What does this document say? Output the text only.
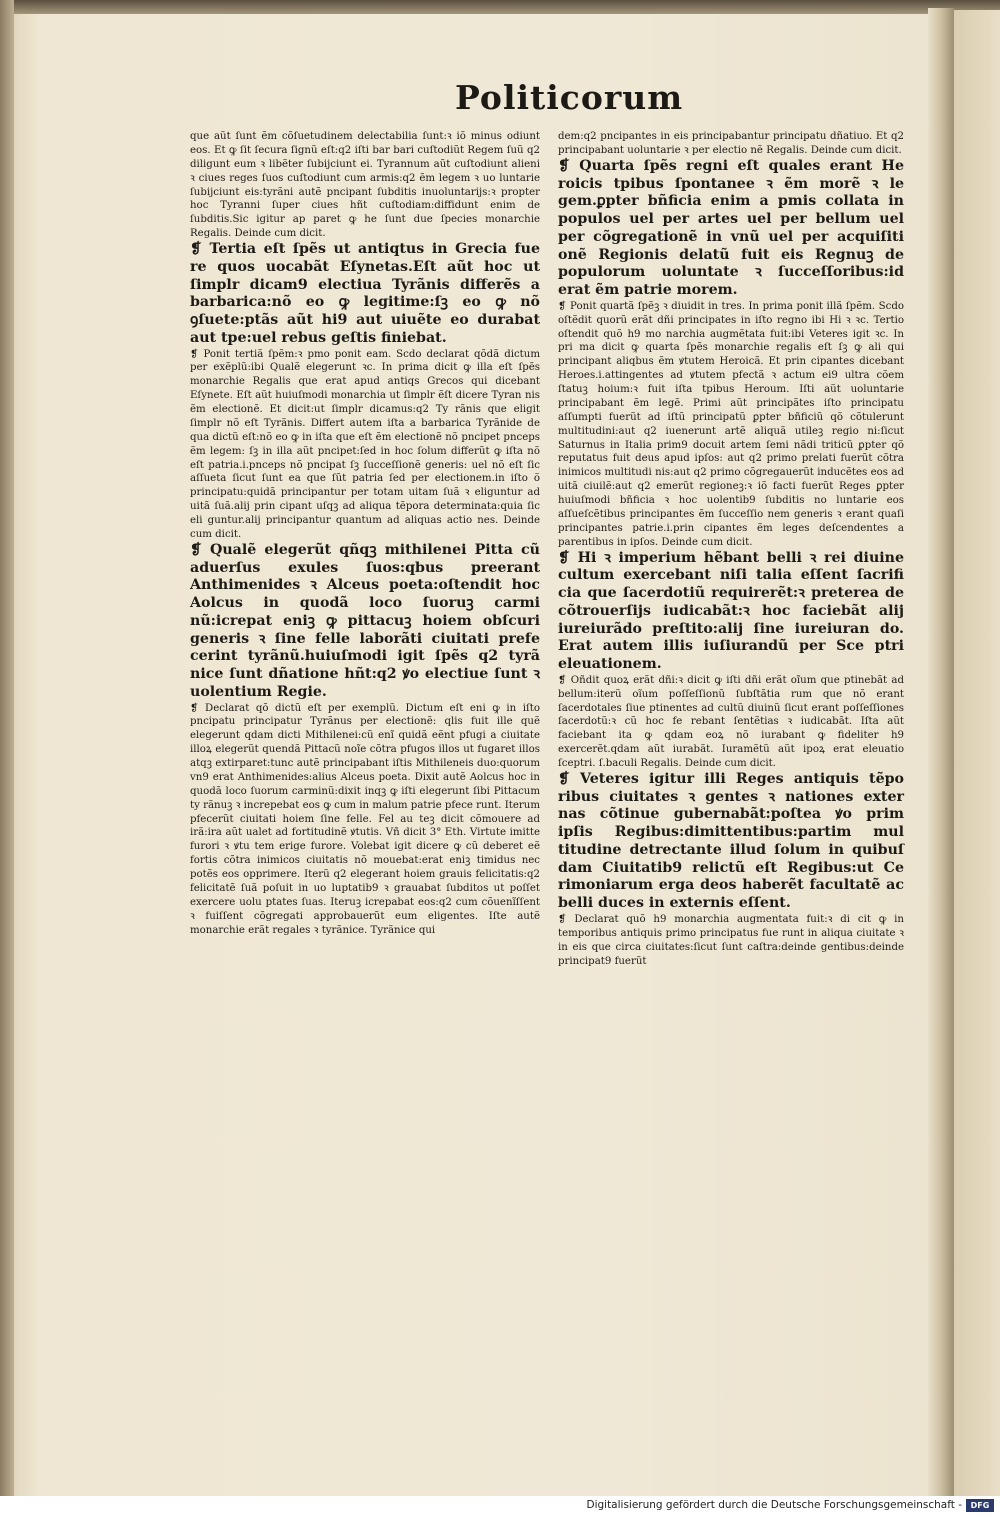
Politicorum

que aũt ſunt ẽm cõſuetudinem delectabilia ſunt:ꝛ iõ minus odiunt eos. Et ꝙ ſit ſecura ſignũ eſt:q2 iſti bar bari cuſtodiũt Regem ſuũ q2 diligunt eum ꝛ libẽter ſubijciunt ei. Tyrannum aũt cuſtodiunt alieni ꝛ ciues reges ſuos cuſtodiunt cum armis:q2 ẽm legem ꝛ uo luntarie ſubijciunt eis:tyrãni autẽ pncipant ſubditis inuoluntarijs:ꝛ propter hoc Tyranni ſuper ciues hñt cuſtodiam:diffidunt enim de ſubditis.Sic igitur ap paret ꝙ he ſunt due ſpecies monarchie Regalis. Deinde cum dicit.

❡ Tertia eſt ſpẽs ut antiqtus in Grecia fue re quos uocabãt Eſynetas.Eſt aũt hoc ut ſimplr dicam9 electiua Tyrãnis differẽs a barbarica:nõ eo ꝙ legitime:ſꝫ eo ꝙ nõ ꝯſuete:ptãs aũt hi9 aut uiuẽte eo durabat aut tpe:uel rebus geſtis finiebat.

❡ Ponit tertiã ſpẽm:ꝛ pmo ponit eam. Scdo declarat qõdã dictum per exẽplũ:ibi Qualẽ elegerunt ꝛc. In prima dicit ꝙ illa eſt ſpẽs monarchie Regalis que erat apud antiqs Grecos qui dicebant Eſynete. Eſt aũt huiuſmodi monarchia ut ſimplr ẽſt dicere Tyran nis ẽm electionẽ. Et dicit:ut ſimplr dicamus:q2 Ty rãnis que eligit ſimplr nõ eſt Tyrãnis. Differt autem iſta a barbarica Tyrãnide de qua dictũ eſt:nõ eo ꝙ in iſta que eſt ẽm electionẽ nõ pncipet pnceps ẽm legem: ſꝫ in illa aũt pncipet:ſed in hoc ſolum differũt ꝙ iſta nõ eſt patria.i.pnceps nõ pncipat ſꝫ ſucceſſionẽ generis: uel nõ eſt ſic aſſueta ſicut ſunt ea que ſũt patria ſed per electionem.in iſto õ principatu:quidã principantur per totam uitam ſuã ꝛ eliguntur ad uitã ſuã.alij prin cipant uſqꝫ ad aliqua tẽpora determinata:quia ſic eli guntur.alij principantur quantum ad aliquas actio nes. Deinde cum dicit.

❡ Qualẽ elegerũt qñqꝫ mithilenei Pitta cũ aduerſus exules ſuos:qbus preerant Anthimenides ꝛ Alceus poeta:oſtendit hoc Aolcus in quodã loco ſuoruꝫ carmi nũ:icrepat eniꝫ ꝙ pittacuꝫ hoiem obſcuri generis ꝛ ſine felle laborãti ciuitati prefe cerint tyrãnũ.huiuſmodi igit ſpẽs q2 tyrã nice ſunt dñatione hñt:q2 ꝟo electiue ſunt ꝛ uolentium Regie.

❡ Declarat qõ dictũ eſt per exemplũ. Dictum eſt eni ꝙ in iſto pncipatu principatur Tyrãnus per electionẽ: qlis fuit ille quẽ elegerunt qdam dicti Mithilenei:cũ enĩ quidã eẽnt pfugi a ciuitate illoꝝ elegerũt quendã Pittacũ noĩe cõtra pfugos illos ut fugaret illos atqꝫ extirparet:tunc autẽ principabant iſtis Mithileneis duo:quorum vn9 erat Anthimenides:alius Alceus poeta. Dixit autẽ Aolcus hoc in quodã loco ſuorum carminũ:dixit inqꝫ ꝙ iſti elegerunt ſibi Pittacum ty rãnuꝫ ꝛ increpebat eos ꝙ cum in malum patrie pfece runt. Iterum pfecerũt ciuitati hoiem ſine felle. Fel au teꝫ dicit cõmouere ad irã:ira aũt ualet ad fortitudinẽ ꝟtutis. Vñ dicit 3° Eth. Virtute imitte furori ꝛ ꝟtu tem erige furore. Volebat igit dicere ꝙ cũ deberet eẽ fortis cõtra inimicos ciuitatis nõ mouebat:erat eniꝫ timidus nec potẽs eos opprimere. Iterũ q2 elegerant hoiem grauis felicitatis:q2 felicitatẽ ſuã poſuit in uo luptatib9 ꝛ grauabat ſubditos ut poſſet exercere uolu ptates ſuas. Iteruꝫ icrepabat eos:q2 cum cõuenĩſſent ꝛ fuiſſent cõgregati approbauerũt eum eligentes. Iſte autẽ monarchie erãt regales ꝛ tyrãnice. Tyrãnice qui

dem:q2 pncipantes in eis principabantur principatu dñatiuo. Et q2 principabant uoluntarie ꝛ per electio nẽ Regalis. Deinde cum dicit.

❡ Quarta ſpẽs regni eſt quales erant He roicis tpibus ſpontanee ꝛ ẽm morẽ ꝛ le gem.ꝑpter bñficia enim a pmis collata in populos uel per artes uel per bellum uel per cõgregationẽ in vnũ uel per acquiſiti onẽ Regionis delatũ fuit eis Regnuꝫ de populorum uoluntate ꝛ ſucceſſoribus:id erat ẽm patrie morem.

❡ Ponit quartã ſpẽꝫ ꝛ diuidit in tres. In prima ponit illã ſpẽm. Scdo oſtẽdit quorũ erãt dñi principates in iſto regno ibi Hi ꝛ ꝛc. Tertio oſtendit quõ h9 mo narchia augmẽtata fuit:ibi Veteres igit ꝛc. In pri ma dicit ꝙ quarta ſpẽs monarchie regalis eſt ſꝫ ꝙ ali qui principant aliqbus ẽm ꝟtutem Heroicã. Et prin cipantes dicebant Heroes.i.attingentes ad ꝟtutem pfectã ꝛ actum ei9 ultra cõem ſtatuꝫ hoium:ꝛ fuit iſta tpibus Heroum. Iſti aũt uoluntarie principabant ẽm legẽ. Primi aũt principãtes iſto principatu aſſumpti fuerũt ad iſtũ principatũ ꝑpter bñficiũ qõ cõtulerunt multitudini:aut q2 iuenerunt artẽ aliquã utileꝫ regio ni:ſicut Saturnus in Italia prim9 docuit artem ſemi nãdi triticũ ꝑpter qõ reputatus fuit deus apud ipſos: aut q2 primo prelati fuerũt cõtra inimicos multitudi nis:aut q2 primo cõgregauerũt inducẽtes eos ad uitã ciuilẽ:aut q2 emerũt regioneꝫ:ꝛ iõ facti fuerũt Reges ꝑpter huiuſmodi bñficia ꝛ hoc uolentib9 ſubditis no luntarie eos aſſueſcẽtibus principantes ẽm ſucceſſio nem generis ꝛ erant quaſi principantes patrie.i.prin cipantes ẽm leges deſcendentes a parentibus in ipſos. Deinde cum dicit.

❡ Hi ꝛ imperium hẽbant belli ꝛ rei diuine cultum exercebant niſi talia eſſent ſacrifi cia que ſacerdotiũ requirerẽt:ꝛ preterea de cõtrouerſijs iudicabãt:ꝛ hoc faciebãt alij iureiurãdo preſtito:alij ſine iureiuran do. Erat autem illis iuſiurandũ per Sce ptri eleuationem.

❡ Oñdit quoꝝ erãt dñi:ꝛ dicit ꝙ iſti dñi erãt oĩum que ptinebãt ad bellum:iterũ oĩum poſſeſſionũ ſubſtãtia rum que nõ erant ſacerdotales ſiue ptinentes ad cultũ diuinũ ſicut erant poſſeſſiones ſacerdotũ:ꝛ cũ hoc fe rebant ſentẽtias ꝛ iudicabãt. Iſta aũt faciebant ita ꝙ qdam eoꝝ nõ iurabant ꝙ fideliter h9 exercerẽt.qdam aũt iurabãt. Iuramẽtũ aũt ipoꝝ erat eleuatio ſceptri. ſ.baculi Regalis. Deinde cum dicit.

❡ Veteres igitur illi Reges antiquis tẽpo ribus ciuitates ꝛ gentes ꝛ nationes exter nas cõtinue gubernabãt:poſtea ꝟo prim ipſis Regibus:dimittentibus:partim mul titudine detrectante illud ſolum in quibuſ dam Ciuitatib9 relictũ eſt Regibus:ut Ce rimoniarum erga deos haberẽt facultatẽ ac belli duces in externis eſſent.

❡ Declarat quõ h9 monarchia augmentata fuit:ꝛ di cit ꝙ in temporibus antiquis primo principatus fue runt in aliqua ciuitate ꝛ in eis que circa ciuitates:ſicut ſunt caſtra:deinde gentibus:deinde principat9 fuerũt

Digitalisierung gefördert durch die Deutsche Forschungsgemeinschaft -	DFG
